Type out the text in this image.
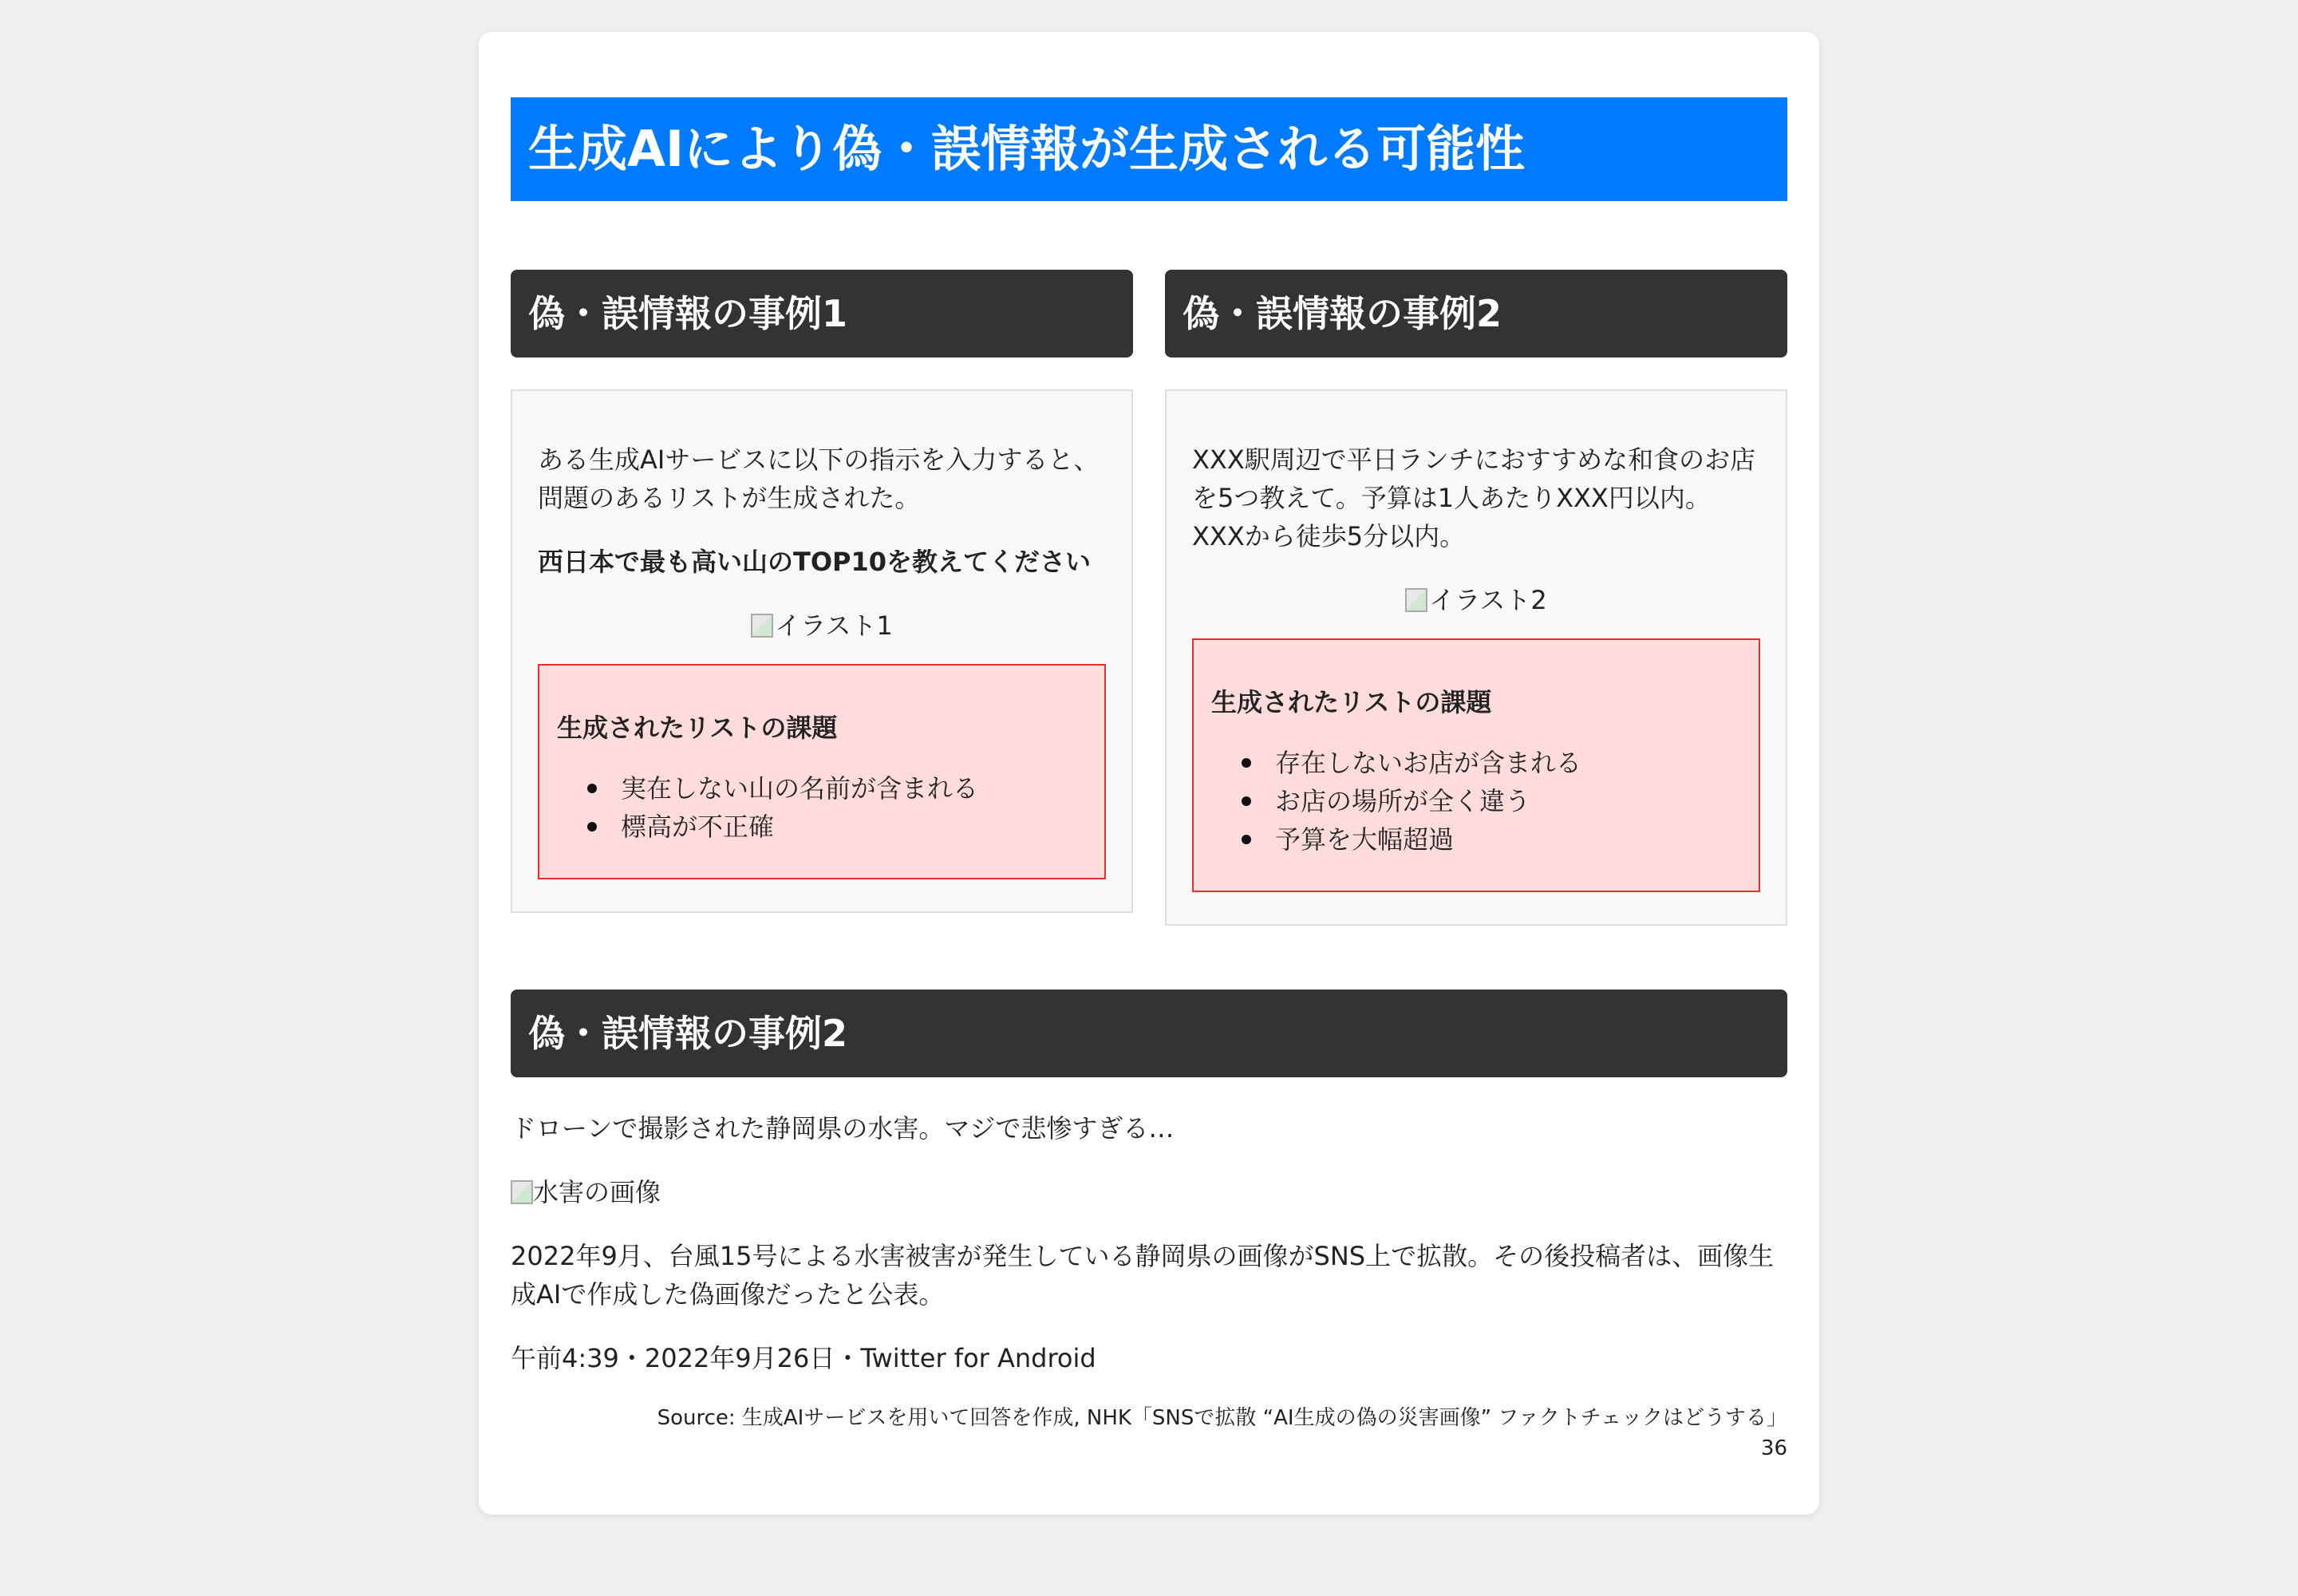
生成AIにより偽・誤情報が生成される可能性
偽・誤情報の事例1

ある生成AIサービスに以下の指示を入力すると、問題のあるリストが生成された。

西日本で最も高い山のTOP10を教えてください

イラスト1
生成されたリストの課題
実在しない山の名前が含まれる
標高が不正確
偽・誤情報の事例2

XXX駅周辺で平日ランチにおすすめな和食のお店を5つ教えて。予算は1人あたりXXX円以内。XXXから徒歩5分以内。

イラスト2
生成されたリストの課題
存在しないお店が含まれる
お店の場所が全く違う
予算を大幅超過
偽・誤情報の事例2

ドローンで撮影された静岡県の水害。マジで悲惨すぎる…

水害の画像

2022年9月、台風15号による水害被害が発生している静岡県の画像がSNS上で拡散。その後投稿者は、画像生成AIで作成した偽画像だったと公表。

午前4:39・2022年9月26日・Twitter for Android

Source: 生成AIサービスを用いて回答を作成, NHK「SNSで拡散 “AI生成の偽の災害画像” ファクトチェックはどうする」
36
